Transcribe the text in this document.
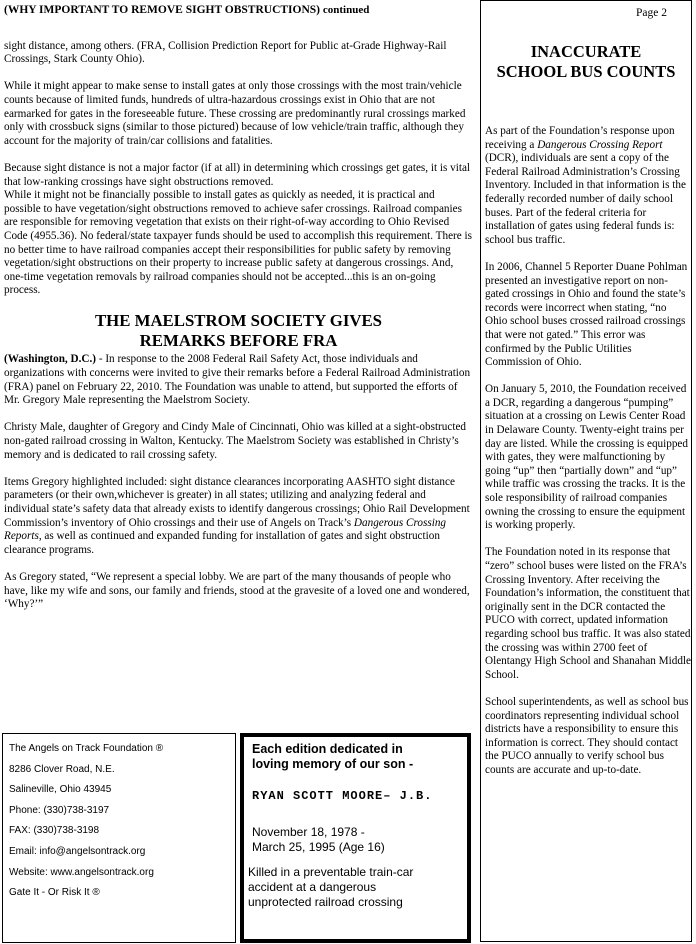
(WHY IMPORTANT TO REMOVE SIGHT OBSTRUCTIONS) continued

sight distance, among others. (FRA, Collision Prediction Report for Public at-Grade Highway-Rail Crossings, Stark County Ohio).

While it might appear to make sense to install gates at only those crossings with the most train/vehicle counts because of limited funds, hundreds of ultra-hazardous crossings exist in Ohio that are not earmarked for gates in the foreseeable future. These crossing are predominantly rural crossings marked only with crossbuck signs (similar to those pictured) because of low vehicle/train traffic, although they account for the majority of train/car collisions and fatalities.

Because sight distance is not a major factor (if at all) in determining which crossings get gates, it is vital that low-ranking crossings have sight obstructions removed.

While it might not be financially possible to install gates as quickly as needed, it is practical and possible to have vegetation/sight obstructions removed to achieve safer crossings. Railroad companies are responsible for removing vegetation that exists on their right-of-way according to Ohio Revised Code (4955.36). No federal/state taxpayer funds should be used to accomplish this requirement. There is no better time to have railroad companies accept their responsibilities for public safety by removing vegetation/sight obstructions on their property to increase public safety at dangerous crossings. And, one-time vegetation removals by railroad companies should not be accepted...this is an on-going process.

THE MAELSTROM SOCIETY GIVES
REMARKS BEFORE FRA

(Washington, D.C.) - In response to the 2008 Federal Rail Safety Act, those individuals and organizations with concerns were invited to give their remarks before a Federal Railroad Administration (FRA) panel on February 22, 2010. The Foundation was unable to attend, but supported the efforts of Mr. Gregory Male representing the Maelstrom Society.

Christy Male, daughter of Gregory and Cindy Male of Cincinnati, Ohio was killed at a sight-obstructed non-gated railroad crossing in Walton, Kentucky. The Maelstrom Society was established in Christy’s memory and is dedicated to rail crossing safety.

Items Gregory highlighted included: sight distance clearances incorporating AASHTO sight distance parameters (or their own,whichever is greater) in all states; utilizing and analyzing federal and individual state’s safety data that already exists to identify dangerous crossings; Ohio Rail Development Commission’s inventory of Ohio crossings and their use of Angels on Track’s Dangerous Crossing Reports, as well as continued and expanded funding for installation of gates and sight obstruction clearance programs.

As Gregory stated, “We represent a special lobby. We are part of the many thousands of people who have, like my wife and sons, our family and friends, stood at the gravesite of a loved one and wondered, ‘Why?’”

Page 2
INACCURATE
SCHOOL BUS COUNTS

As part of the Foundation’s response upon receiving a Dangerous Crossing Report (DCR), individuals are sent a copy of the Federal Railroad Administration’s Crossing Inventory. Included in that information is the federally recorded number of daily school buses. Part of the federal criteria for installation of gates using federal funds is: school bus traffic.

In 2006, Channel 5 Reporter Duane Pohlman presented an investigative report on non-gated crossings in Ohio and found the state’s records were incorrect when stating, “no Ohio school buses crossed railroad crossings that were not gated.” This error was confirmed by the Public Utilities Commission of Ohio.

On January 5, 2010, the Foundation received a DCR, regarding a dangerous “pumping” situation at a crossing on Lewis Center Road in Delaware County. Twenty-eight trains per day are listed. While the crossing is equipped with gates, they were malfunctioning by going “up” then “partially down” and “up” while traffic was crossing the tracks. It is the sole responsibility of railroad companies owning the crossing to ensure the equipment is working properly.

The Foundation noted in its response that “zero” school buses were listed on the FRA’s Crossing Inventory. After receiving the Foundation’s information, the constituent that originally sent in the DCR contacted the PUCO with correct, updated information regarding school bus traffic. It was also stated the crossing was within 2700 feet of Olentangy High School and Shanahan Middle School.

School superintendents, as well as school bus coordinators representing individual school districts have a responsibility to ensure this information is correct. They should contact the PUCO annually to verify school bus counts are accurate and up-to-date.

The Angels on Track Foundation ®
8286 Clover Road, N.E.
Salineville, Ohio 43945
Phone: (330)738-3197
FAX: (330)738-3198
Email: info@angelsontrack.org
Website: www.angelsontrack.org
Gate It - Or Risk It ®
Each edition dedicated in
loving memory of our son -
RYAN SCOTT MOORE– J.B.
November 18, 1978 -
March 25, 1995 (Age 16)
Killed in a preventable train-car
accident at a dangerous
unprotected railroad crossing
